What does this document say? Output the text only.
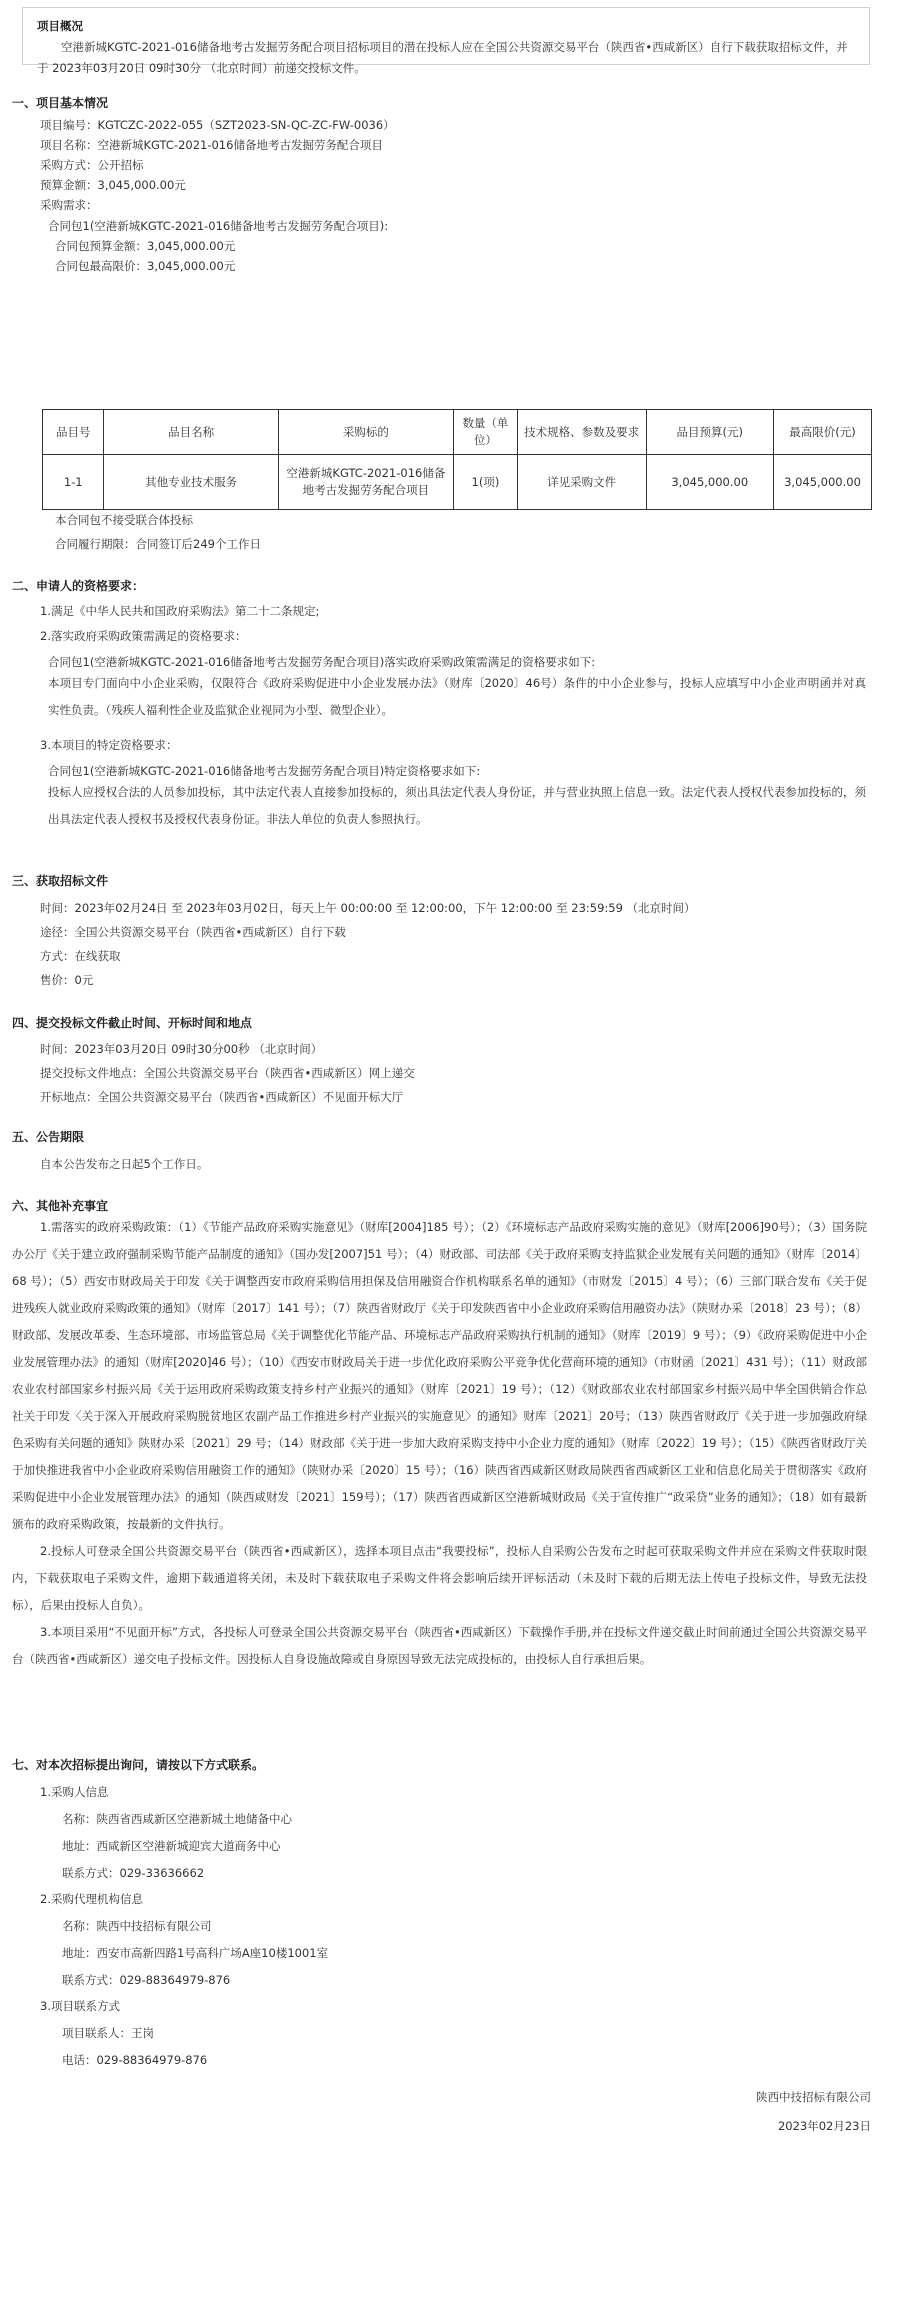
项目概况
空港新城KGTC-2021-016储备地考古发掘劳务配合项目招标项目的潜在投标人应在全国公共资源交易平台（陕西省•西咸新区）自行下载获取招标文件，并于 2023年03月20日 09时30分 （北京时间）前递交投标文件。
一、项目基本情况
项目编号：KGTCZC-2022-055（SZT2023-SN-QC-ZC-FW-0036）
项目名称：空港新城KGTC-2021-016储备地考古发掘劳务配合项目
采购方式：公开招标
预算金额：3,045,000.00元
采购需求：
合同包1(空港新城KGTC-2021-016储备地考古发掘劳务配合项目):
合同包预算金额：3,045,000.00元
合同包最高限价：3,045,000.00元
品目号	品目名称	采购标的	数量（单位）	技术规格、参数及要求	品目预算(元)	最高限价(元)
1-1	其他专业技术服务	空港新城KGTC-2021-016储备地考古发掘劳务配合项目	1(项)	详见采购文件	3,045,000.00	3,045,000.00
本合同包不接受联合体投标
合同履行期限：合同签订后249个工作日
二、申请人的资格要求：
1.满足《中华人民共和国政府采购法》第二十二条规定;
2.落实政府采购政策需满足的资格要求：
合同包1(空港新城KGTC-2021-016储备地考古发掘劳务配合项目)落实政府采购政策需满足的资格要求如下:

本项目专门面向中小企业采购，仅限符合《政府采购促进中小企业发展办法》（财库〔2020〕46号）条件的中小企业参与，投标人应填写中小企业声明函并对真实性负责。（残疾人福利性企业及监狱企业视同为小型、微型企业）。

3.本项目的特定资格要求：
合同包1(空港新城KGTC-2021-016储备地考古发掘劳务配合项目)特定资格要求如下:

投标人应授权合法的人员参加投标，其中法定代表人直接参加投标的，须出具法定代表人身份证，并与营业执照上信息一致。法定代表人授权代表参加投标的，须出具法定代表人授权书及授权代表身份证。非法人单位的负责人参照执行。

三、获取招标文件
时间：2023年02月24日 至 2023年03月02日，每天上午 00:00:00 至 12:00:00，下午 12:00:00 至 23:59:59 （北京时间）
途径：全国公共资源交易平台（陕西省•西咸新区）自行下载
方式：在线获取
售价：0元
四、提交投标文件截止时间、开标时间和地点
时间：2023年03月20日 09时30分00秒 （北京时间）
提交投标文件地点：全国公共资源交易平台（陕西省•西咸新区）网上递交
开标地点：全国公共资源交易平台（陕西省•西咸新区）不见面开标大厅
五、公告期限
自本公告发布之日起5个工作日。
六、其他补充事宜

1.需落实的政府采购政策：（1）《节能产品政府采购实施意见》（财库[2004]185 号）；（2）《环境标志产品政府采购实施的意见》（财库[2006]90号）；（3）国务院办公厅《关于建立政府强制采购节能产品制度的通知》（国办发[2007]51 号）；（4）财政部、司法部《关于政府采购支持监狱企业发展有关问题的通知》（财库〔2014〕68 号）；（5）西安市财政局关于印发《关于调整西安市政府采购信用担保及信用融资合作机构联系名单的通知》（市财发〔2015〕4 号）；（6）三部门联合发布《关于促进残疾人就业政府采购政策的通知》（财库〔2017〕141 号）；（7）陕西省财政厅《关于印发陕西省中小企业政府采购信用融资办法》（陕财办采〔2018〕23 号）；（8）财政部、发展改革委、生态环境部、市场监管总局《关于调整优化节能产品、环境标志产品政府采购执行机制的通知》（财库〔2019〕9 号）；（9）《政府采购促进中小企业发展管理办法》的通知（财库[2020]46 号）；（10）《西安市财政局关于进一步优化政府采购公平竞争优化营商环境的通知》（市财函〔2021〕431 号）；（11）财政部农业农村部国家乡村振兴局《关于运用政府采购政策支持乡村产业振兴的通知》（财库〔2021〕19 号）；（12）《财政部农业农村部国家乡村振兴局中华全国供销合作总社关于印发〈关于深入开展政府采购脱贫地区农副产品工作推进乡村产业振兴的实施意见〉的通知》财库〔2021〕20号；（13）陕西省财政厅《关于进一步加强政府绿色采购有关问题的通知》陕财办采〔2021〕29 号；（14）财政部《关于进一步加大政府采购支持中小企业力度的通知》（财库〔2022〕19 号）；（15）《陕西省财政厅关于加快推进我省中小企业政府采购信用融资工作的通知》（陕财办采〔2020〕15 号）；（16）陕西省西咸新区财政局陕西省西咸新区工业和信息化局关于贯彻落实《政府采购促进中小企业发展管理办法》的通知（陕西咸财发〔2021〕159号）；（17）陕西省西咸新区空港新城财政局《关于宣传推广“政采贷”业务的通知》；（18）如有最新颁布的政府采购政策，按最新的文件执行。

2.投标人可登录全国公共资源交易平台（陕西省•西咸新区），选择本项目点击“我要投标”，投标人自采购公告发布之时起可获取采购文件并应在采购文件获取时限内，下载获取电子采购文件，逾期下载通道将关闭，未及时下载获取电子采购文件将会影响后续开评标活动（未及时下载的后期无法上传电子投标文件，导致无法投标），后果由投标人自负）。

3.本项目采用“不见面开标”方式，各投标人可登录全国公共资源交易平台（陕西省•西咸新区）下载操作手册,并在投标文件递交截止时间前通过全国公共资源交易平台（陕西省•西咸新区）递交电子投标文件。因投标人自身设施故障或自身原因导致无法完成投标的，由投标人自行承担后果。

七、对本次招标提出询问，请按以下方式联系。
1.采购人信息
名称：陕西省西咸新区空港新城土地储备中心
地址：西咸新区空港新城迎宾大道商务中心
联系方式：029-33636662
2.采购代理机构信息
名称：陕西中技招标有限公司
地址：西安市高新四路1号高科广场A座10楼1001室
联系方式：029-88364979-876
3.项目联系方式
项目联系人：王岗
电话：029-88364979-876
陕西中技招标有限公司
2023年02月23日
